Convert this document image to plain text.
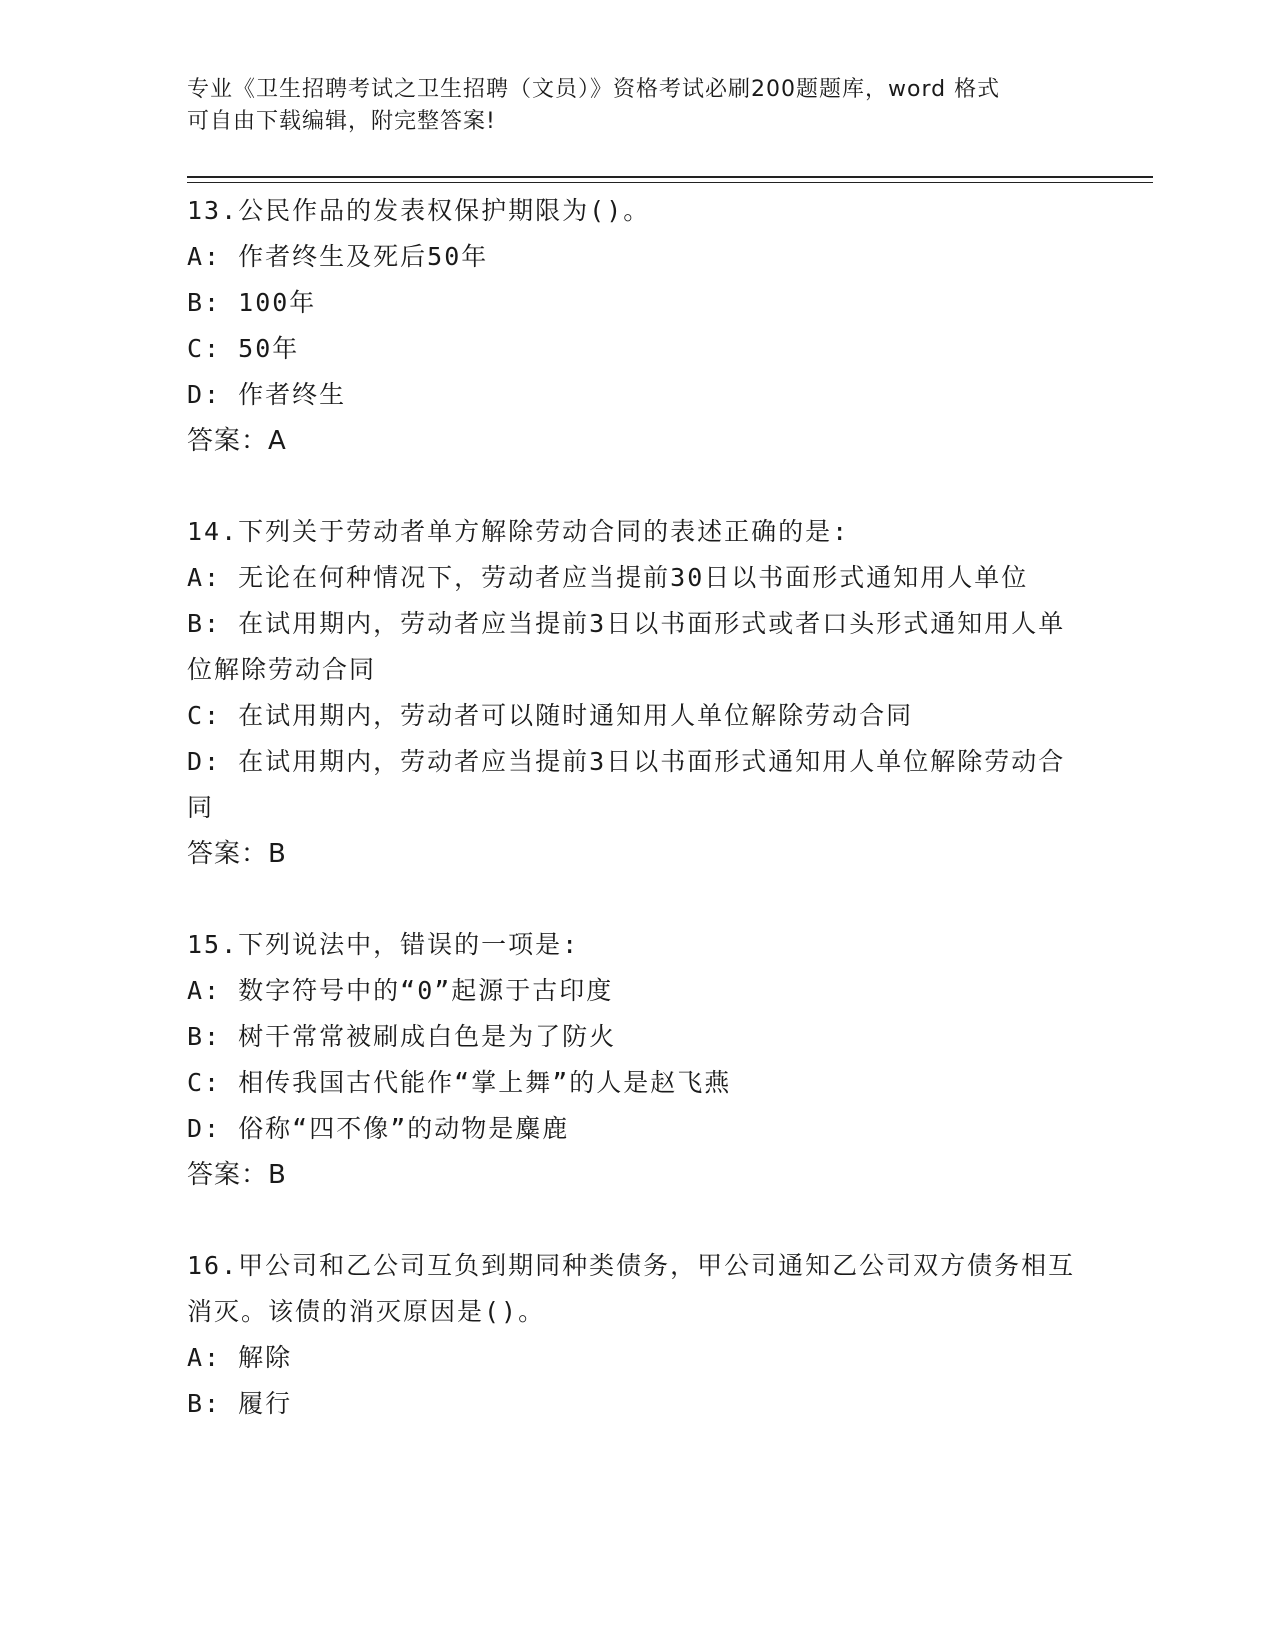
专业《卫生招聘考试之卫生招聘（文员）》资格考试必刷200题题库，word 格式
可自由下载编辑，附完整答案!
13.公民作品的发表权保护期限为()。
A: 作者终生及死后50年
B: 100年
C: 50年
D: 作者终生
答案：A
14.下列关于劳动者单方解除劳动合同的表述正确的是:
A: 无论在何种情况下，劳动者应当提前30日以书面形式通知用人单位
B: 在试用期内，劳动者应当提前3日以书面形式或者口头形式通知用人单位解除劳动合同
C: 在试用期内，劳动者可以随时通知用人单位解除劳动合同
D: 在试用期内，劳动者应当提前3日以书面形式通知用人单位解除劳动合同
答案：B
15.下列说法中，错误的一项是:
A: 数字符号中的“0”起源于古印度
B: 树干常常被刷成白色是为了防火
C: 相传我国古代能作“掌上舞”的人是赵飞燕
D: 俗称“四不像”的动物是麋鹿
答案：B
16.甲公司和乙公司互负到期同种类债务，甲公司通知乙公司双方债务相互消灭。该债的消灭原因是()。
A: 解除
B: 履行
